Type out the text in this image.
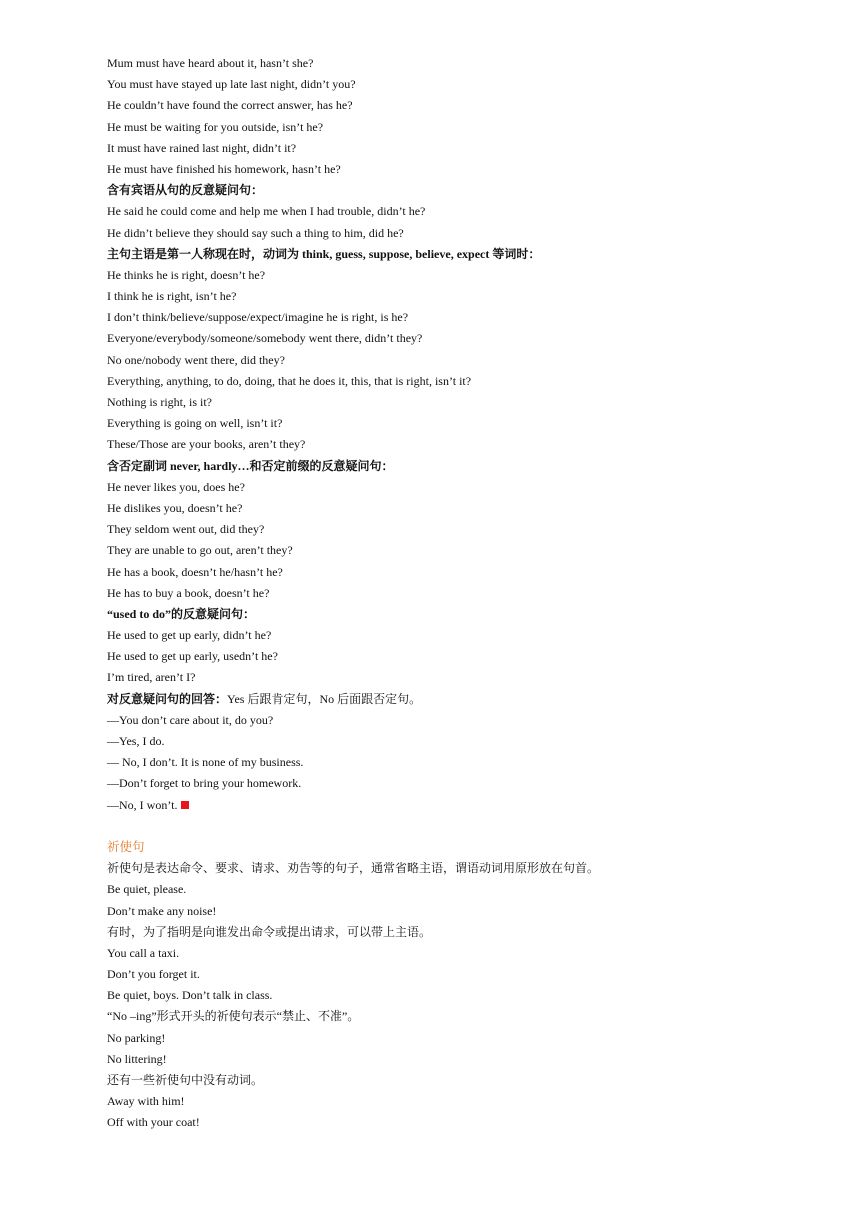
Mum must have heard about it, hasn’t she?
You must have stayed up late last night, didn’t you?
He couldn’t have found the correct answer, has he?
He must be waiting for you outside, isn’t he?
It must have rained last night, didn’t it?
He must have finished his homework, hasn’t he?
含有宾语从句的反意疑问句：
He said he could come and help me when I had trouble, didn’t he?
He didn’t believe they should say such a thing to him, did he?
主句主语是第一人称现在时，动词为 think, guess, suppose, believe, expect 等词时：
He thinks he is right, doesn’t he?
I think he is right, isn’t he?
I don’t think/believe/suppose/expect/imagine he is right, is he?
Everyone/everybody/someone/somebody went there, didn’t they?
No one/nobody went there, did they?
Everything, anything, to do, doing, that he does it, this, that is right, isn’t it?
Nothing is right, is it?
Everything is going on well, isn’t it?
These/Those are your books, aren’t they?
含否定副词 never, hardly…和否定前缀的反意疑问句：
He never likes you, does he?
He dislikes you, doesn’t he?
They seldom went out, did they?
They are unable to go out, aren’t they?
He has a book, doesn’t he/hasn’t he?
He has to buy a book, doesn’t he?
“used to do”的反意疑问句：
He used to get up early, didn’t he?
He used to get up early, usedn’t he?
I’m tired, aren’t I?
对反意疑问句的回答：Yes 后跟肯定句，No 后面跟否定句。
—You don’t care about it, do you?
—Yes, I do.
— No, I don’t. It is none of my business.
—Don’t forget to bring your homework.
—No, I won’t.
祈使句
祈使句是表达命令、要求、请求、劝告等的句子，通常省略主语，谓语动词用原形放在句首。
Be quiet, please.
Don’t make any noise!
有时，为了指明是向谁发出命令或提出请求，可以带上主语。
You call a taxi.
Don’t you forget it.
Be quiet, boys. Don’t talk in class.
“No –ing”形式开头的祈使句表示“禁止、不准”。
No parking!
No littering!
还有一些祈使句中没有动词。
Away with him!
Off with your coat!
